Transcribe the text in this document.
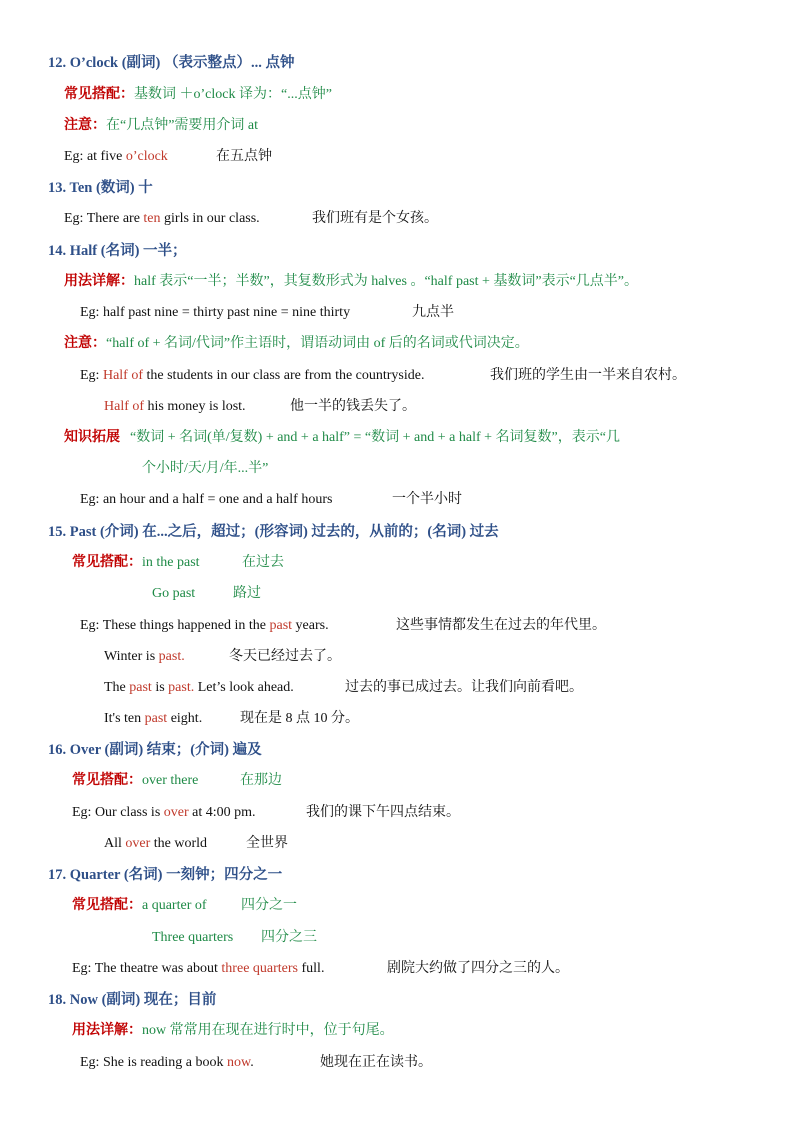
12. O’clock (副词) （表示整点）... 点钟
常见搭配：基数词 ＋o’clock 译为：“...点钟”
注意：在“几点钟”需要用介词 at
Eg: at five o’clock	在五点钟
13. Ten (数词) 十
Eg: There are ten girls in our class.	我们班有是个女孩。
14. Half (名词) 一半；
用法详解：half 表示“一半；半数”，其复数形式为 halves 。“half past + 基数词”表示“几点半”。
Eg: half past nine = thirty past nine = nine thirty	九点半
注意：“half of + 名词/代词”作主语时，谓语动词由 of 后的名词或代词决定。
Eg: Half of the students in our class are from the countryside.	我们班的学生由一半来自农村。
Half of his money is lost.	他一半的钱丢失了。
知识拓展 “数词 + 名词(单/复数) + and + a half” = “数词 + and + a half + 名词复数”，表示“几
个小时/天/月/年...半”
Eg: an hour and a half = one and a half hours	一个半小时
15. Past (介词) 在...之后，超过；(形容词) 过去的，从前的；(名词) 过去
常见搭配：in the past	在过去
Go past	路过
Eg: These things happened in the past years.	这些事情都发生在过去的年代里。
Winter is past.	冬天已经过去了。
The past is past. Let’s look ahead.	过去的事已成过去。让我们向前看吧。
It's ten past eight.	现在是 8 点 10 分。
16. Over (副词) 结束；(介词) 遍及
常见搭配：over there	在那边
Eg: Our class is over at 4:00 pm.	我们的课下午四点结束。
All over the world	全世界
17. Quarter (名词) 一刻钟；四分之一
常见搭配：a quarter of 四分之一
Three quarters 四分之三
Eg: The theatre was about three quarters full.	剧院大约做了四分之三的人。
18. Now (副词) 现在；目前
用法详解：now 常常用在现在进行时中，位于句尾。
Eg: She is reading a book now.	她现在正在读书。
